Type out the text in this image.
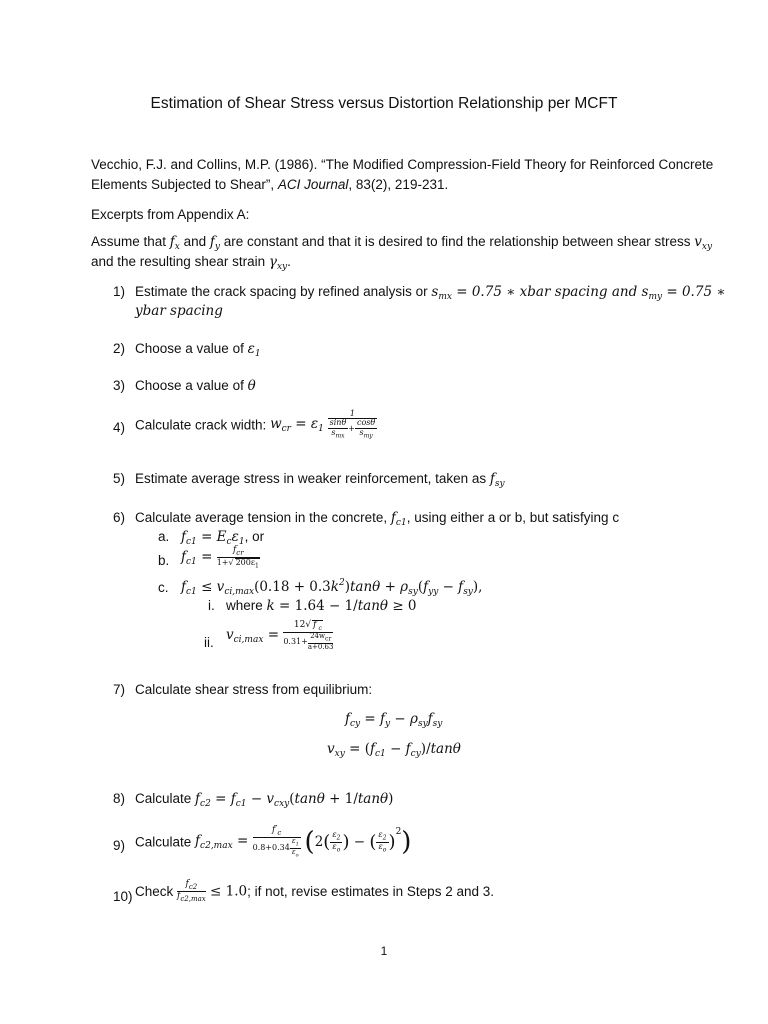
Estimation of Shear Stress versus Distortion Relationship per MCFT
Vecchio, F.J. and Collins, M.P. (1986). “The Modified Compression-Field Theory for Reinforced Concrete
Elements Subjected to Shear”, ACI Journal, 83(2), 219-231.
Excerpts from Appendix A:
Assume that $f_x$ and $f_y$ are constant and that it is desired to find the relationship between shear stress $v_{xy}$
and the resulting shear strain $\gamma_{xy}$.
1) Estimate the crack spacing by refined analysis or $s_{mx} = 0.75$ ∗ xbar spacing and $s_{my} = 0.75$ ∗
ybar spacing
2) Choose a value of $\varepsilon_1$
3) Choose a value of θ
4) Calculate crack width: $w_{cr} = \varepsilon_1 \frac{1}{\frac{\sin\theta}{s_{mx}} + \frac{\cos\theta}{s_{my}}}$
5) Estimate average stress in weaker reinforcement, taken as $f_{sy}$
6) Calculate average tension in the concrete, $f_{c1}$, using either a or b, but satisfying c
a. $f_{c1} = E_c\varepsilon_1$, or
b. $f_{c1} = \frac{f_{cr}}{1+√ 200\varepsilon_1}$
c. $f_{c1} \le v_{ci,max}(0.18 + 0.3k^2)\tan\theta + \rho_{sy}(f_{yy} - f_{sy})$,
i. where k = 1.64 − 1/tanθ ≥ 0
ii. $v_{ci,max} = \frac{12√ f'_c}{0.31+ \frac{24w_{cr}}{a+0.63}}$
7) Calculate shear stress from equilibrium:
$f_{cy} = f_y - \rho_{sy}f_{sy}$
$v_{xy} = (f_{c1} - f_{cy})/\tan\theta$
8) Calculate $f_{c2} = f_{c1} - v_{cxy}(\tan\theta + 1/\tan\theta)$
9) Calculate $f_{c2,max} = \frac{f'_c}{0.8+0.34 \frac{\varepsilon_1}{\varepsilon_o}} (2( \frac{\varepsilon_2}{\varepsilon_o}$ ) − ( $\frac{\varepsilon_2}{\varepsilon_o} )^2$)
10) Check $\frac{f_{c2}}{f_{c2,max}} \le 1.0$; if not, revise estimates in Steps 2 and 3.
1
